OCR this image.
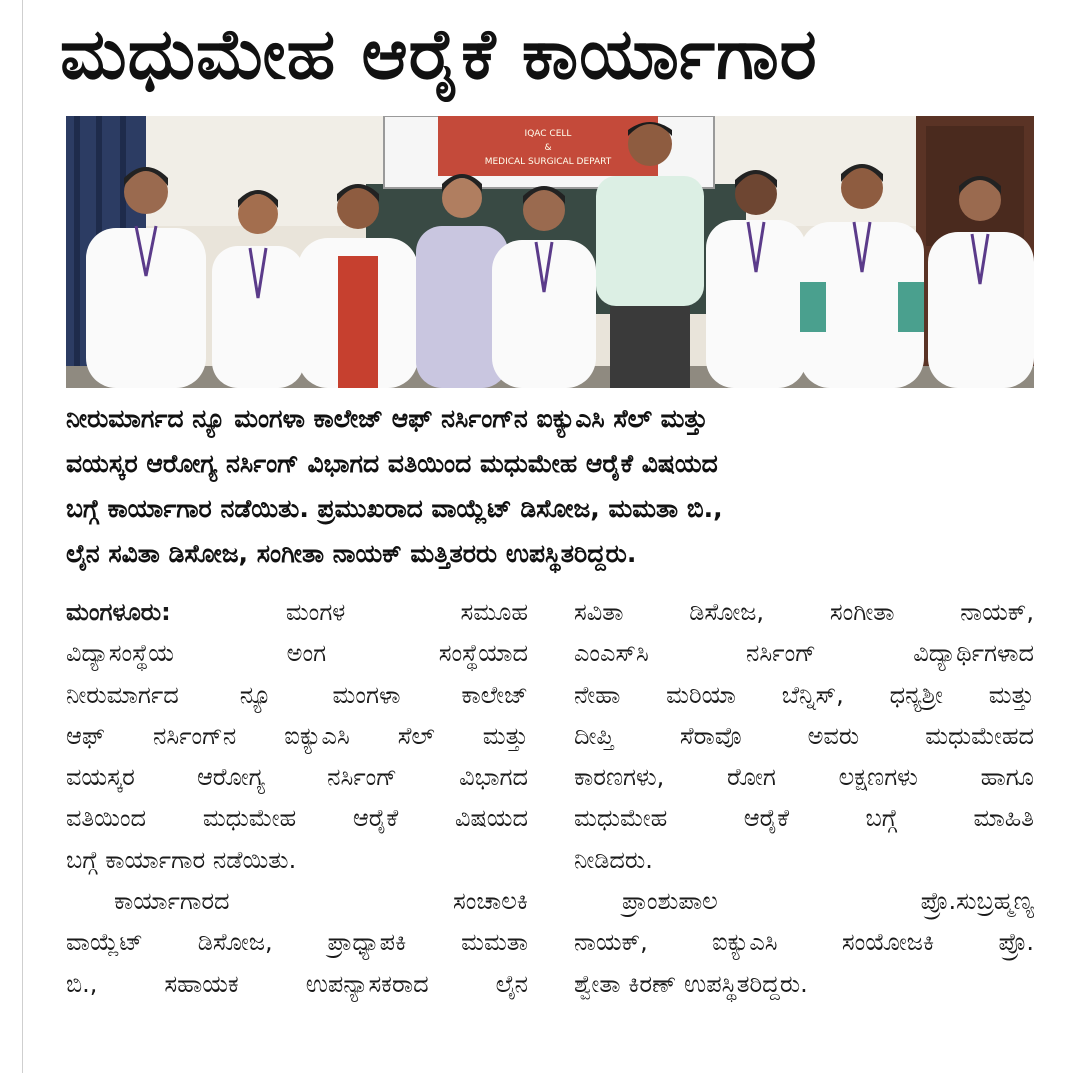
ಮಧುಮೇಹ ಆರೈಕೆ ಕಾರ್ಯಾಗಾರ
IQAC CELL
&
MEDICAL SURGICAL DEPART
ನೀರುಮಾರ್ಗದ ನ್ಯೂ ಮಂಗಳಾ ಕಾಲೇಜ್ ಆಫ್ ನರ್ಸಿಂಗ್‌ನ ಐಕ್ಯುಎಸಿ ಸೆಲ್ ಮತ್ತು
ವಯಸ್ಕರ ಆರೋಗ್ಯ ನರ್ಸಿಂಗ್ ವಿಭಾಗದ ವತಿಯಿಂದ ಮಧುಮೇಹ ಆರೈಕೆ ವಿಷಯದ
ಬಗ್ಗೆ ಕಾರ್ಯಾಗಾರ ನಡೆಯಿತು. ಪ್ರಮುಖರಾದ ವಾಯ್ಲೆಟ್ ಡಿಸೋಜ, ಮಮತಾ ಬಿ.,
ಲೈನ ಸವಿತಾ ಡಿಸೋಜ, ಸಂಗೀತಾ ನಾಯಕ್ ಮತ್ತಿತರರು ಉಪಸ್ಥಿತರಿದ್ದರು.
ಮಂಗಳೂರು: ಮಂಗಳ ಸಮೂಹ
ವಿದ್ಯಾಸಂಸ್ಥೆಯ ಅಂಗ ಸಂಸ್ಥೆಯಾದ
ನೀರುಮಾರ್ಗದ ನ್ಯೂ ಮಂಗಳಾ ಕಾಲೇಜ್
ಆಫ್ ನರ್ಸಿಂಗ್‌ನ ಐಕ್ಯುಎಸಿ ಸೆಲ್ ಮತ್ತು
ವಯಸ್ಕರ ಆರೋಗ್ಯ ನರ್ಸಿಂಗ್ ವಿಭಾಗದ
ವತಿಯಿಂದ ಮಧುಮೇಹ ಆರೈಕೆ ವಿಷಯದ
ಬಗ್ಗೆ ಕಾರ್ಯಾಗಾರ ನಡೆಯಿತು.
ಕಾರ್ಯಾಗಾರದ ಸಂಚಾಲಕಿ
ವಾಯ್ಲೆಟ್ ಡಿಸೋಜ, ಪ್ರಾಧ್ಯಾಪಕಿ ಮಮತಾ
ಬಿ., ಸಹಾಯಕ ಉಪನ್ಯಾಸಕರಾದ ಲೈನ
ಸವಿತಾ ಡಿಸೋಜ, ಸಂಗೀತಾ ನಾಯಕ್,
ಎಂಎಸ್‌ಸಿ ನರ್ಸಿಂಗ್ ವಿದ್ಯಾರ್ಥಿಗಳಾದ
ನೇಹಾ ಮರಿಯಾ ಬೆನ್ನಿಸ್, ಧನ್ಯಶ್ರೀ ಮತ್ತು
ದೀಪ್ತಿ ಸೆರಾವೊ ಅವರು ಮಧುಮೇಹದ
ಕಾರಣಗಳು, ರೋಗ ಲಕ್ಷಣಗಳು ಹಾಗೂ
ಮಧುಮೇಹ ಆರೈಕೆ ಬಗ್ಗೆ ಮಾಹಿತಿ
ನೀಡಿದರು.
ಪ್ರಾಂಶುಪಾಲ ಪ್ರೊ.ಸುಬ್ರಹ್ಮಣ್ಯ
ನಾಯಕ್, ಐಕ್ಯುಎಸಿ ಸಂಯೋಜಕಿ ಪ್ರೊ.
ಶ್ವೇತಾ ಕಿರಣ್ ಉಪಸ್ಥಿತರಿದ್ದರು.
